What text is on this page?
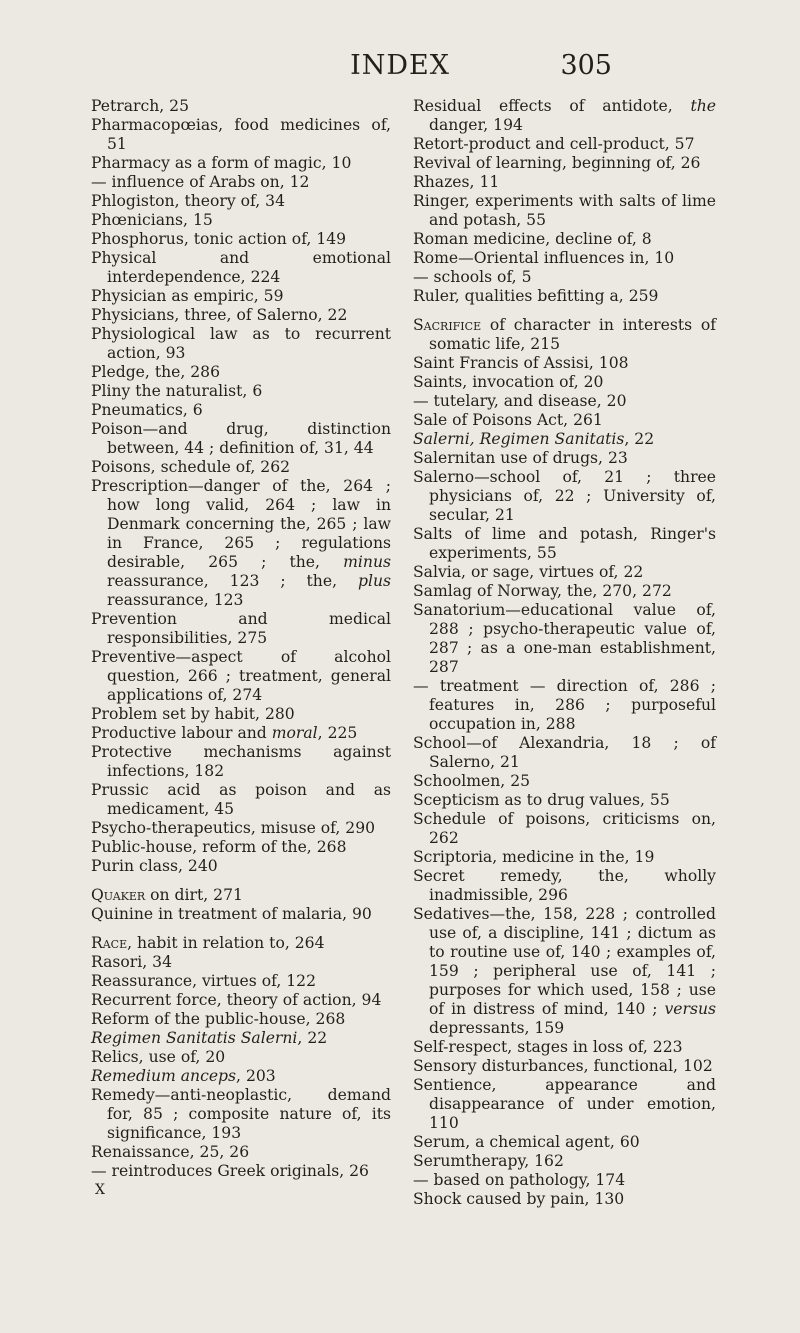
INDEX	305
Petrarch, 25
Pharmacopœias, food medicines of, 51
Pharmacy as a form of magic, 10
— influence of Arabs on, 12
Phlogiston, theory of, 34
Phœnicians, 15
Phosphorus, tonic action of, 149
Physical and emotional interdependence, 224
Physician as empiric, 59
Physicians, three, of Salerno, 22
Physiological law as to recurrent action, 93
Pledge, the, 286
Pliny the naturalist, 6
Pneumatics, 6
Poison—and drug, distinction between, 44 ; definition of, 31, 44
Poisons, schedule of, 262
Prescription—danger of the, 264 ; how long valid, 264 ; law in Denmark concerning the, 265 ; law in France, 265 ; regulations desirable, 265 ; the, minus reassurance, 123 ; the, plus reassurance, 123
Prevention and medical responsibilities, 275
Preventive—aspect of alcohol question, 266 ; treatment, general applications of, 274
Problem set by habit, 280
Productive labour and moral, 225
Protective mechanisms against infections, 182
Prussic acid as poison and as medicament, 45
Psycho-therapeutics, misuse of, 290
Public-house, reform of the, 268
Purin class, 240
Quaker on dirt, 271
Quinine in treatment of malaria, 90
Race, habit in relation to, 264
Rasori, 34
Reassurance, virtues of, 122
Recurrent force, theory of action, 94
Reform of the public-house, 268
Regimen Sanitatis Salerni, 22
Relics, use of, 20
Remedium anceps, 203
Remedy—anti-neoplastic, demand for, 85 ; composite nature of, its significance, 193
Renaissance, 25, 26
— reintroduces Greek originals, 26
X
Residual effects of antidote, the danger, 194
Retort-product and cell-product, 57
Revival of learning, beginning of, 26
Rhazes, 11
Ringer, experiments with salts of lime and potash, 55
Roman medicine, decline of, 8
Rome—Oriental influences in, 10
— schools of, 5
Ruler, qualities befitting a, 259
Sacrifice of character in interests of somatic life, 215
Saint Francis of Assisi, 108
Saints, invocation of, 20
— tutelary, and disease, 20
Sale of Poisons Act, 261
Salerni, Regimen Sanitatis, 22
Salernitan use of drugs, 23
Salerno—school of, 21 ; three physicians of, 22 ; University of, secular, 21
Salts of lime and potash, Ringer's experiments, 55
Salvia, or sage, virtues of, 22
Samlag of Norway, the, 270, 272
Sanatorium—educational value of, 288 ; psycho-therapeutic value of, 287 ; as a one-man establishment, 287
— treatment — direction of, 286 ; features in, 286 ; purposeful occupation in, 288
School—of Alexandria, 18 ; of Salerno, 21
Schoolmen, 25
Scepticism as to drug values, 55
Schedule of poisons, criticisms on, 262
Scriptoria, medicine in the, 19
Secret remedy, the, wholly inadmissible, 296
Sedatives—the, 158, 228 ; controlled use of, a discipline, 141 ; dictum as to routine use of, 140 ; examples of, 159 ; peripheral use of, 141 ; purposes for which used, 158 ; use of in distress of mind, 140 ; versus depressants, 159
Self-respect, stages in loss of, 223
Sensory disturbances, functional, 102
Sentience, appearance and disappearance of under emotion, 110
Serum, a chemical agent, 60
Serumtherapy, 162
— based on pathology, 174
Shock caused by pain, 130
